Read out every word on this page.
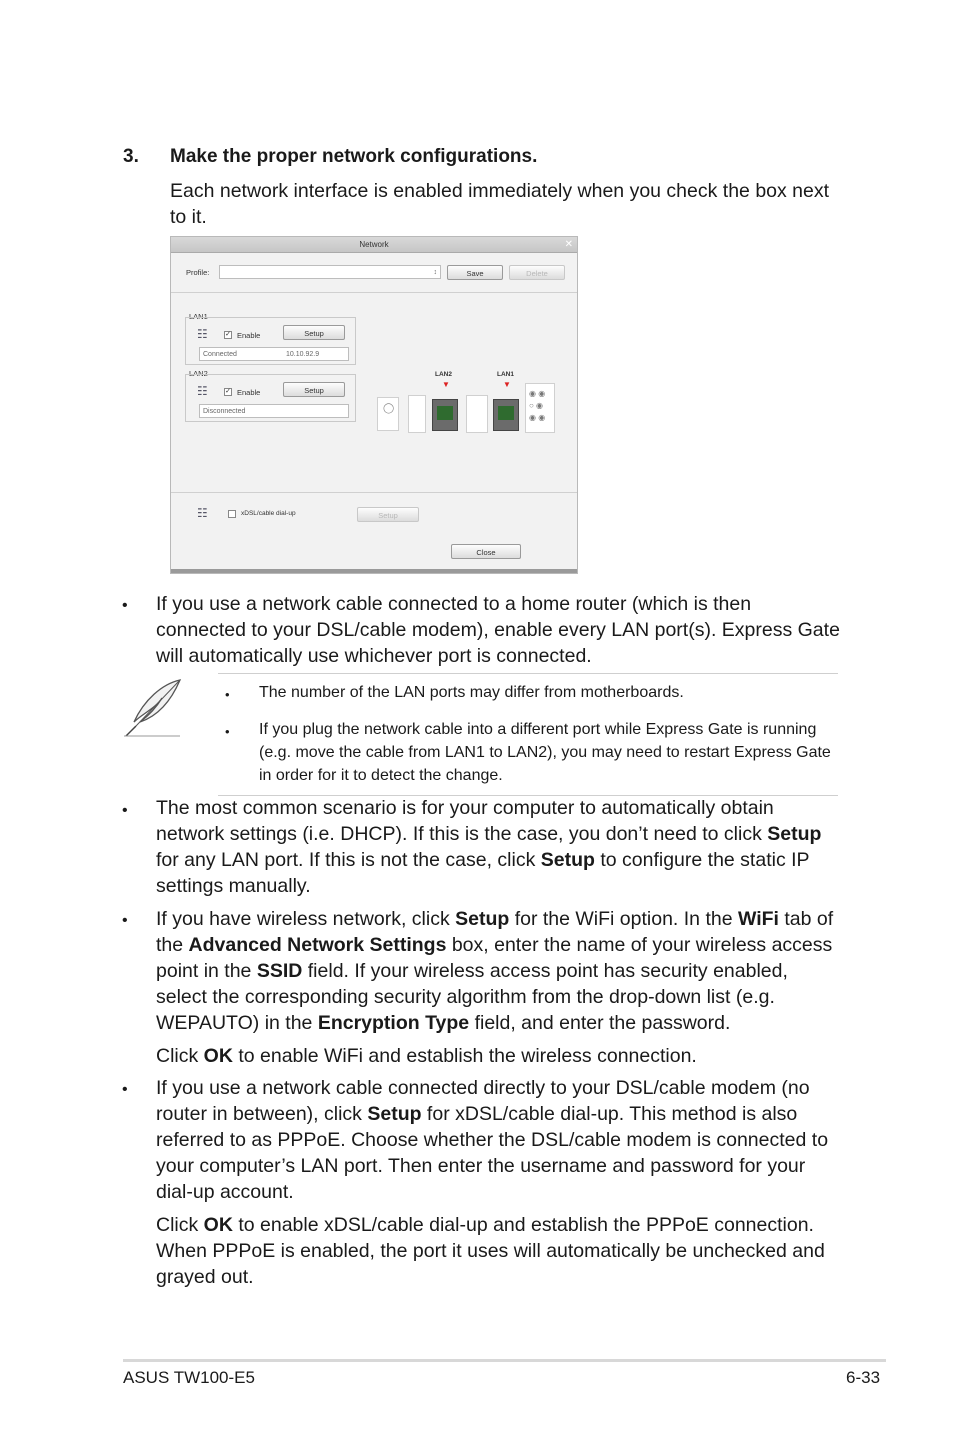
3. Make the proper network configurations.
Each network interface is enabled immediately when you check the box next to it.
Network	✕
Profile:	↕	Save	Delete
LAN1
☷ ✓ Enable	Setup
Connected	10.10.92.9
LAN2
☷ ✓ Enable	Setup
Disconnected
LAN2
▼
LAN1
▼
◯
◉ ◉
○ ◉
◉ ◉
☷	xDSL/cable dial-up	Setup
Close
• If you use a network cable connected to a home router (which is then connected to your DSL/cable modem), enable every LAN port(s). Express Gate will automatically use whichever port is connected.
• The number of the LAN ports may differ from motherboards.
• If you plug the network cable into a different port while Express Gate is running (e.g. move the cable from LAN1 to LAN2), you may need to restart Express Gate in order for it to detect the change.
• The most common scenario is for your computer to automatically obtain network settings (i.e. DHCP). If this is the case, you don’t need to click Setup for any LAN port. If this is not the case, click Setup to configure the static IP settings manually.
• If you have wireless network, click Setup for the WiFi option. In the WiFi tab of the Advanced Network Settings box, enter the name of your wireless access point in the SSID field. If your wireless access point has security enabled, select the corresponding security algorithm from the drop-down list (e.g. WEPAUTO) in the Encryption Type field, and enter the password.
Click OK to enable WiFi and establish the wireless connection.
• If you use a network cable connected directly to your DSL/cable modem (no router in between), click Setup for xDSL/cable dial-up. This method is also referred to as PPPoE. Choose whether the DSL/cable modem is connected to your computer’s LAN port. Then enter the username and password for your dial-up account.
Click OK to enable xDSL/cable dial-up and establish the PPPoE connection. When PPPoE is enabled, the port it uses will automatically be unchecked and grayed out.
ASUS TW100-E5	6-33
